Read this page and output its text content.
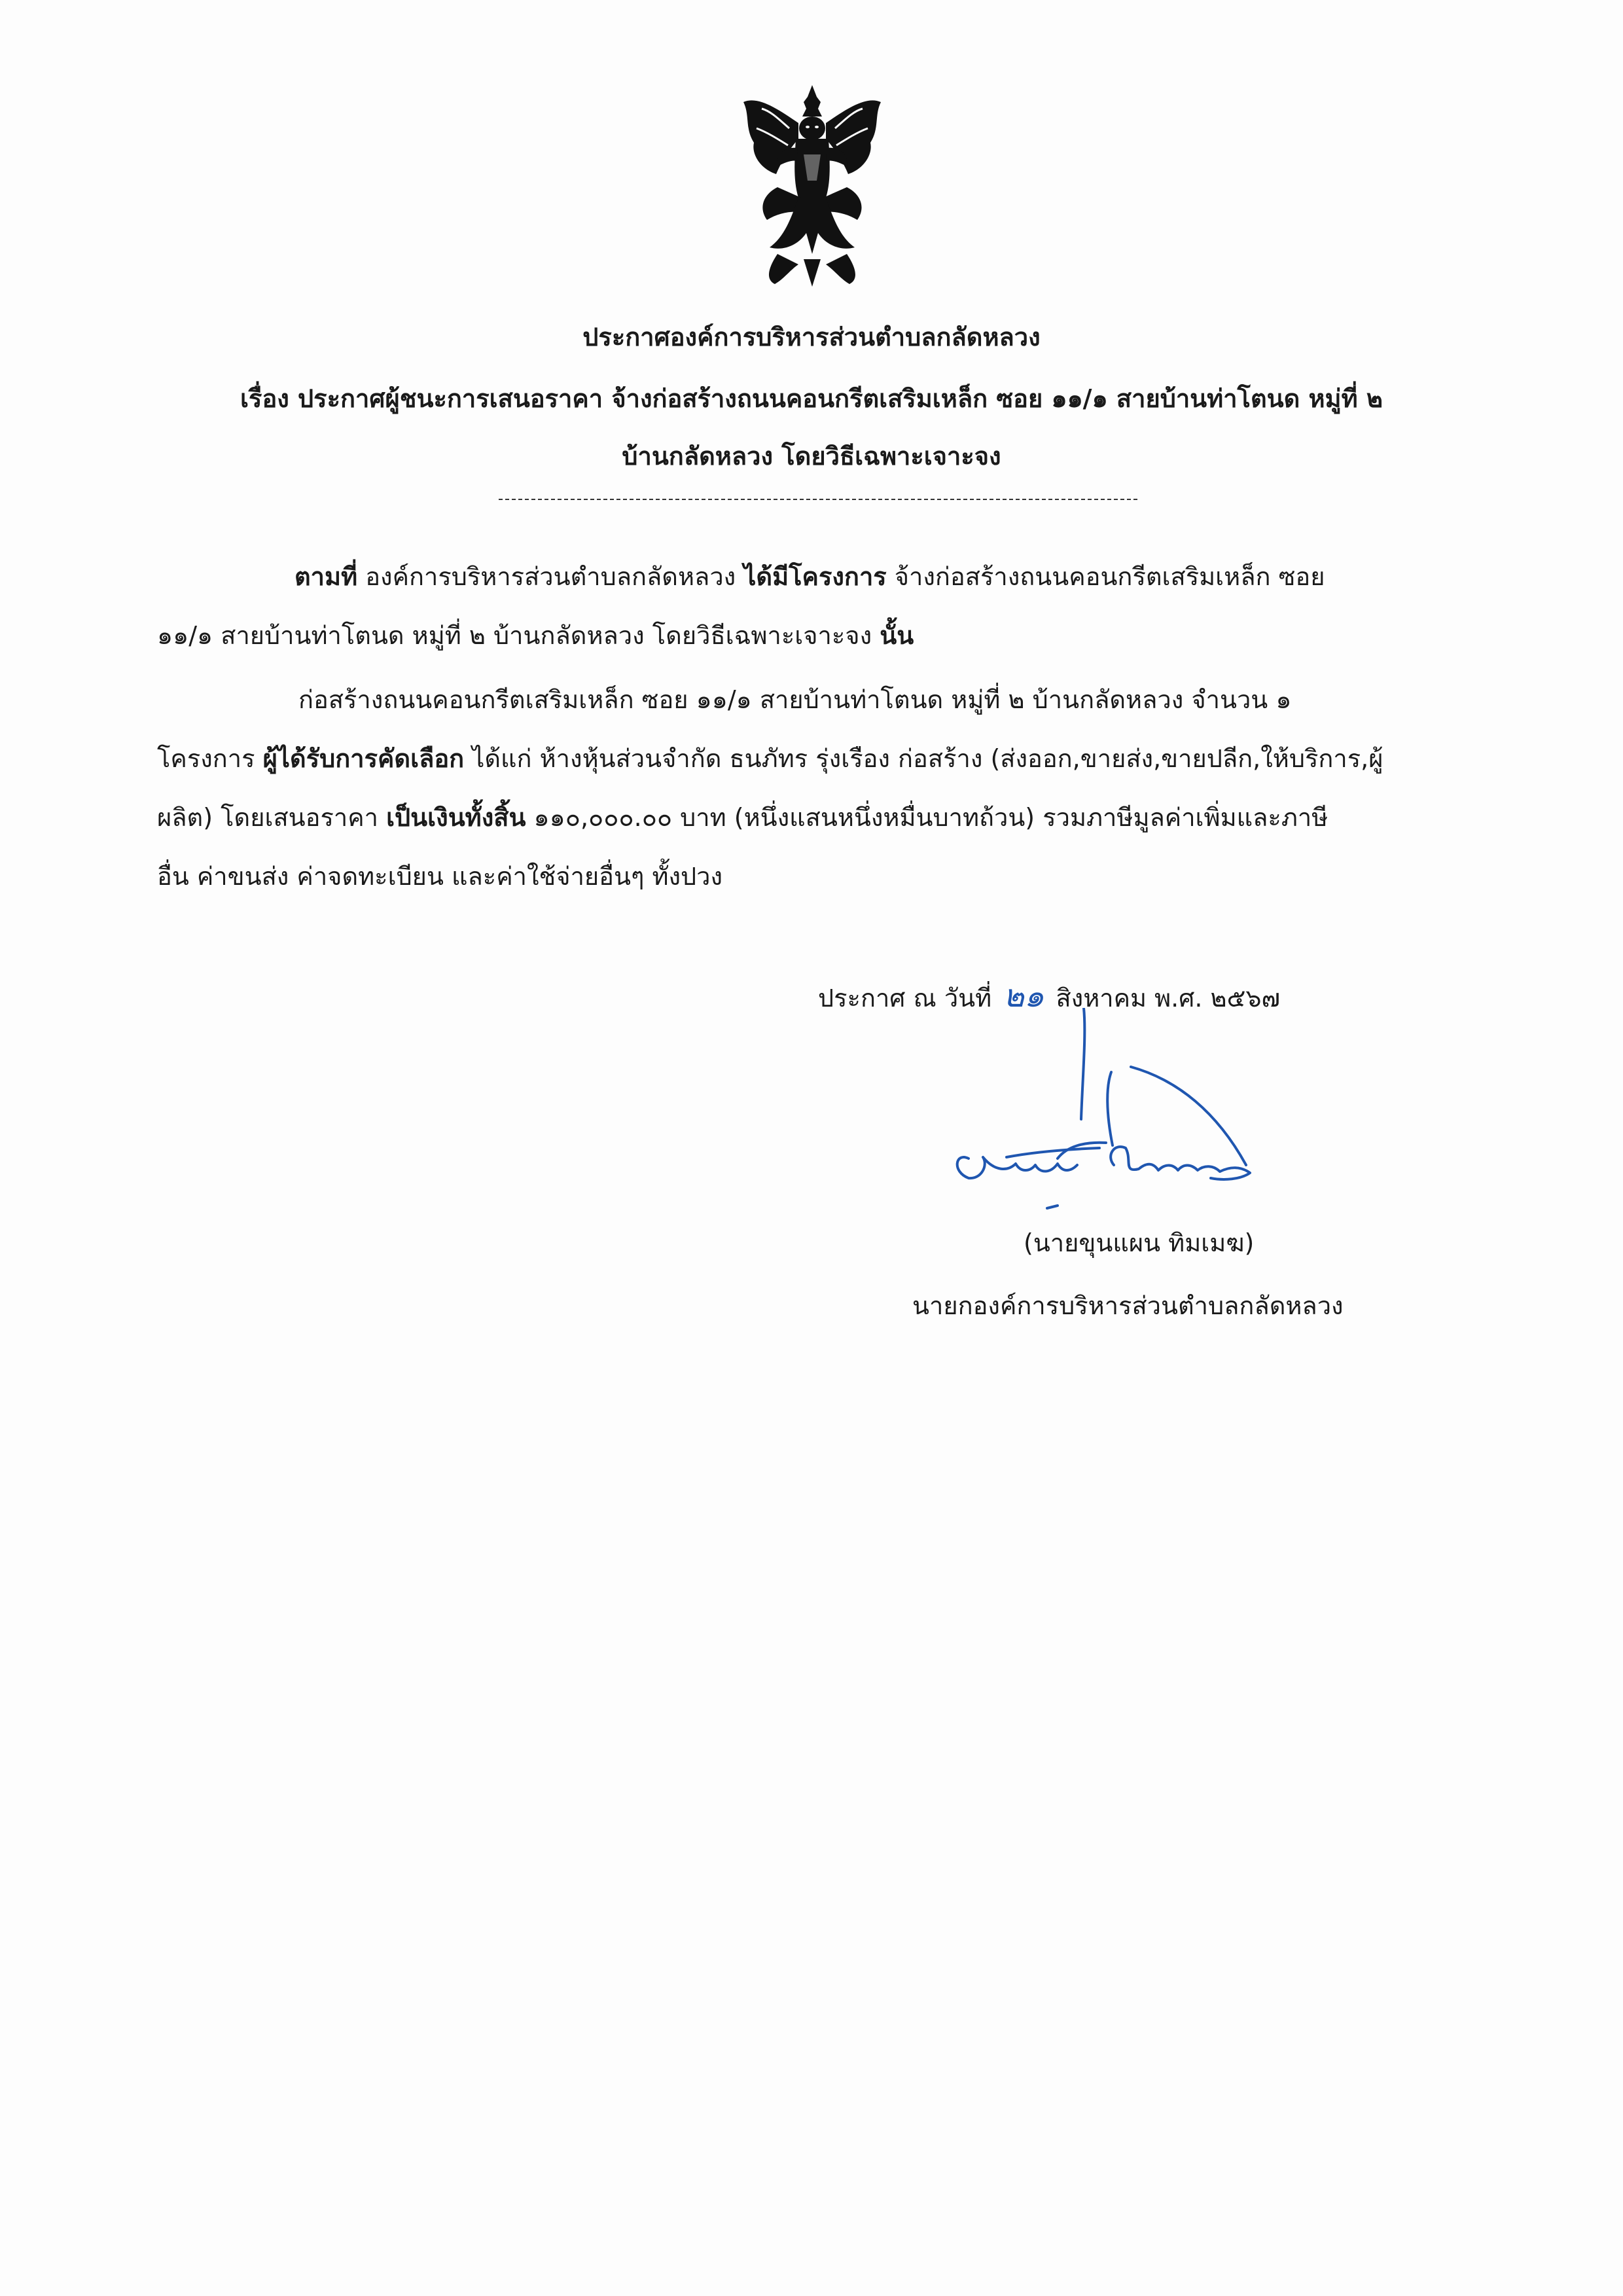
ประกาศองค์การบริหารส่วนตำบลกลัดหลวง
เรื่อง ประกาศผู้ชนะการเสนอราคา จ้างก่อสร้างถนนคอนกรีตเสริมเหล็ก ซอย ๑๑/๑ สายบ้านท่าโตนด หมู่ที่ ๒
บ้านกลัดหลวง โดยวิธีเฉพาะเจาะจง
ตามที่ องค์การบริหารส่วนตำบลกลัดหลวง ได้มีโครงการ จ้างก่อสร้างถนนคอนกรีตเสริมเหล็ก ซอย
๑๑/๑ สายบ้านท่าโตนด หมู่ที่ ๒ บ้านกลัดหลวง โดยวิธีเฉพาะเจาะจง นั้น
ก่อสร้างถนนคอนกรีตเสริมเหล็ก ซอย ๑๑/๑ สายบ้านท่าโตนด หมู่ที่ ๒ บ้านกลัดหลวง จำนวน ๑
โครงการ ผู้ได้รับการคัดเลือก ได้แก่ ห้างหุ้นส่วนจำกัด ธนภัทร รุ่งเรือง ก่อสร้าง (ส่งออก,ขายส่ง,ขายปลีก,ให้บริการ,ผู้
ผลิต) โดยเสนอราคา เป็นเงินทั้งสิ้น ๑๑๐,๐๐๐.๐๐ บาท (หนึ่งแสนหนึ่งหมื่นบาทถ้วน) รวมภาษีมูลค่าเพิ่มและภาษี
อื่น ค่าขนส่ง ค่าจดทะเบียน และค่าใช้จ่ายอื่นๆ ทั้งปวง
ประกาศ ณ วันที่ ๒๑ สิงหาคม พ.ศ. ๒๕๖๗
(นายขุนแผน ทิมเมฆ)
นายกองค์การบริหารส่วนตำบลกลัดหลวง
